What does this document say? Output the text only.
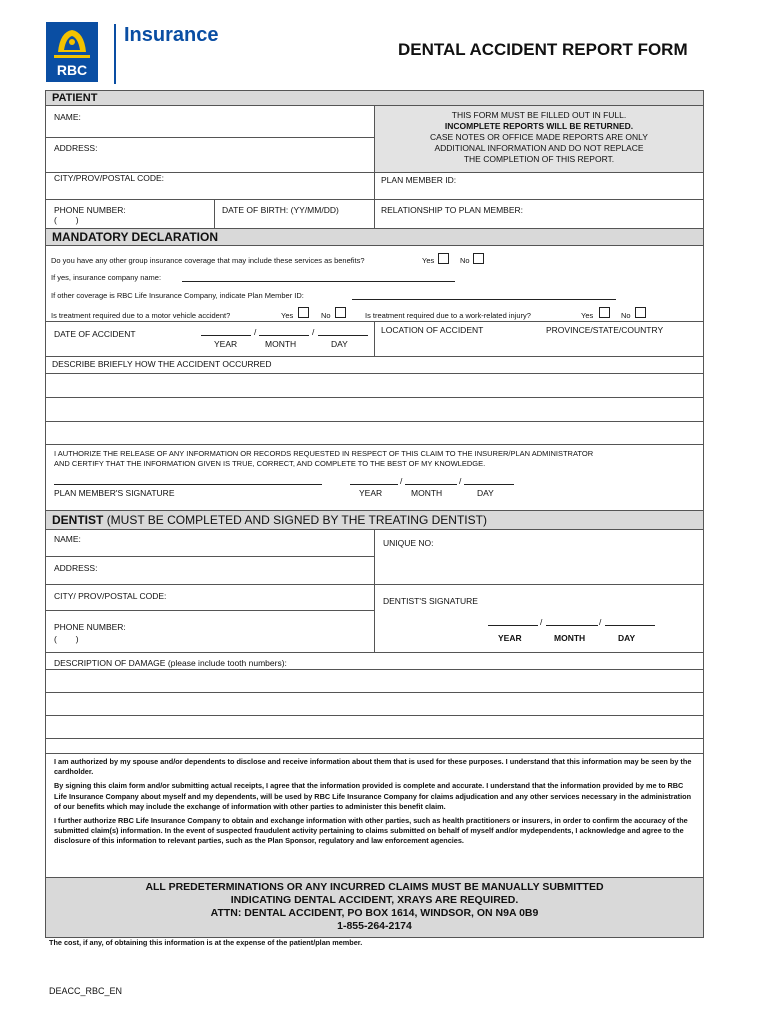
RBC
Insurance
DENTAL ACCIDENT REPORT FORM
PATIENT
NAME:
ADDRESS:
THIS FORM MUST BE FILLED OUT IN FULL.
INCOMPLETE REPORTS WILL BE RETURNED.
CASE NOTES OR OFFICE MADE REPORTS ARE ONLY
ADDITIONAL INFORMATION AND DO NOT REPLACE
THE COMPLETION OF THIS REPORT.
CITY/PROV/POSTAL CODE:	PLAN MEMBER ID:
PHONE NUMBER:
(        )
DATE OF BIRTH: (YY/MM/DD)	RELATIONSHIP TO PLAN MEMBER:
MANDATORY DECLARATION
Do you have any other group insurance coverage that may include these services as benefits?	Yes	No
If yes, insurance company name:
If other coverage is RBC Life Insurance Company, indicate Plan Member ID:
Is treatment required due to a motor vehicle accident?	Yes	No	Is treatment required due to a work-related injury?	Yes	No
DATE OF ACCIDENT	/	/
YEAR	MONTH	DAY
LOCATION OF ACCIDENT	PROVINCE/STATE/COUNTRY
DESCRIBE BRIEFLY HOW THE ACCIDENT OCCURRED
I AUTHORIZE THE RELEASE OF ANY INFORMATION OR RECORDS REQUESTED IN RESPECT OF THIS CLAIM TO THE INSURER/PLAN ADMINISTRATOR
AND CERTIFY THAT THE INFORMATION GIVEN IS TRUE, CORRECT, AND COMPLETE TO THE BEST OF MY KNOWLEDGE.
PLAN MEMBER'S SIGNATURE
/	/
YEAR	MONTH	DAY
DENTIST (MUST BE COMPLETED AND SIGNED BY THE TREATING DENTIST)
NAME:	UNIQUE NO:
ADDRESS:
CITY/ PROV/POSTAL CODE:	DENTIST'S SIGNATURE
PHONE NUMBER:
(        )
/	/
YEAR	MONTH	DAY
DESCRIPTION OF DAMAGE (please include tooth numbers):
I am authorized by my spouse and/or dependents to disclose and receive information about them that is used for these purposes. I understand that this information may be seen by the cardholder.
By signing this claim form and/or submitting actual receipts, I agree that the information provided is complete and accurate. I understand that the information provided by me to RBC Life Insurance Company about myself and my dependents, will be used by RBC Life Insurance Company for claims adjudication and any other services necessary in the administration of our benefits which may include the exchange of information with other parties to administer this benefit claim.
I further authorize RBC Life Insurance Company to obtain and exchange information with other parties, such as health practitioners or insurers, in order to confirm the accuracy of the submitted claim(s) information. In the event of suspected fraudulent activity pertaining to claims submitted on behalf of myself and/or mydependents, I acknowledge and agree to the disclosure of this information to relevant parties, such as the Plan Sponsor, regulatory and law enforcement agencies.
ALL PREDETERMINATIONS OR ANY INCURRED CLAIMS MUST BE MANUALLY SUBMITTED
INDICATING DENTAL ACCIDENT, XRAYS ARE REQUIRED.
ATTN: DENTAL ACCIDENT, PO BOX 1614, WINDSOR, ON N9A 0B9
1-855-264-2174
The cost, if any, of obtaining this information is at the expense of the patient/plan member.
DEACC_RBC_EN
